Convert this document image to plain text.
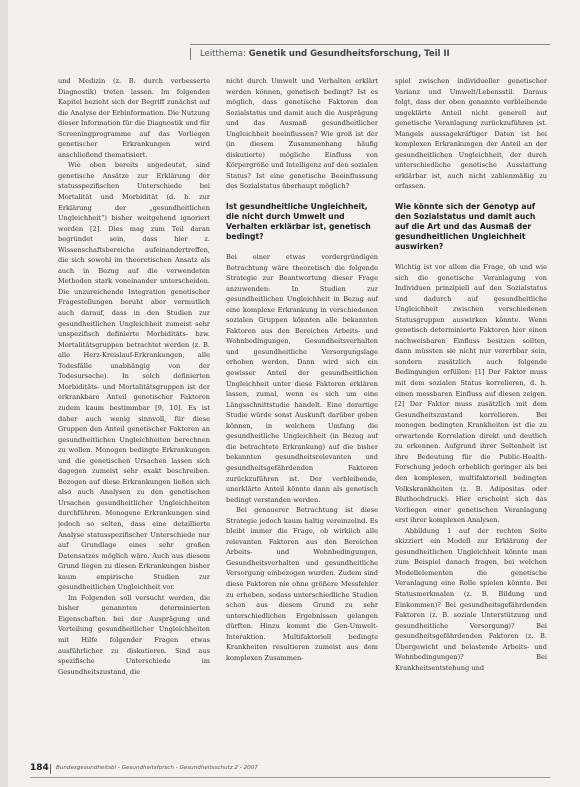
Leitthema: Genetik und Gesundheitsforschung, Teil II

und Medizin (z. B. durch verbesserte Diagnostik) treten lassen. Im folgenden Kapitel bezieht sich der Begriff zunächst auf die Analyse der Erbinformation. Die Nutzung dieser Information für die Diagnostik und für Screeningprogramme auf das Vorliegen genetischer Erkrankungen wird anschließend thematisiert.

Wie oben bereits angedeutet, sind genetische Ansätze zur Erklärung der statusspezifischen Unterschiede bei Mortalität und Morbidität (d. h. zur Erklärung der „gesundheitlichen Ungleichheit“) bisher weitgehend ignoriert worden [2]. Dies mag zum Teil daran begründet sein, dass hier z. Wissenschaftsbereiche aufeinandertreffen, die sich sowohl im theoretischen Ansatz als auch in Bezug auf die verwendeten Methoden stark voneinander unterscheiden. Die unzureichende Integration genetischer Fragestellungen beruht aber vermutlich auch darauf, dass in den Studien zur gesundheitlichen Ungleichheit zumeist sehr unspezifisch definierte Morbiditäts- bzw. Mortalitätsgruppen betrachtet werden (z. B. alle Herz-Kreislauf-Erkrankungen, alle Todesfälle unabhängig von der Todesursache). In solch definierten Morbiditäts- und Mortalitätsgruppen ist der erkrankbare Anteil genetischer Faktoren zudem kaum bestimmbar [9, 10]. Es ist daher auch wenig sinnvoll, für diese Gruppen den Anteil genetischer Faktoren an gesundheitlichen Ungleichheiten berechnen zu wollen. Monogen bedingte Erkrankungen und die genetischen Ursachen lassen sich dagegen zumeist sehr exakt beschreiben. Bezogen auf diese Erkrankungen ließen sich also auch Analysen zu den genetischen Ursachen gesundheitlicher Ungleichheiten durchführen. Monogene Erkrankungen sind jedoch so selten, dass eine detaillierte Analyse statusspezifischer Unterschiede nur auf Grundlage eines sehr großen Datensatzes möglich wäre. Auch aus diesem Grund liegen zu diesen Erkrankungen bisher kaum empirische Studien zur gesundheitlichen Ungleichheit vor.

Im Folgenden soll versucht werden, die bisher genannten determinierten Eigenschaften bei der Ausprägung und Verteilung gesundheitlicher Ungleichheiten mit Hilfe folgender Fragen etwas ausführlicher zu diskutieren. Sind aus spezifische Unterschiede im Gesundheitszustand, die

nicht durch Umwelt und Verhalten erklärt werden können, genetisch bedingt? Ist es möglich, dass genetische Faktoren den Sozialstatus und damit auch die Ausprägung und das Ausmaß gesundheitlicher Ungleichheit beeinflussen? Wie groß ist der (in diesem Zusammenhang häufig diskutierte) mögliche Einfluss von Körpergröße und Intelligenz auf den sozialen Status? Ist eine genetische Beeinflussung des Sozialstatus überhaupt möglich?

Ist gesundheitliche Ungleichheit, die nicht durch Umwelt und Verhalten erklärbar ist, genetisch bedingt?

Bei einer etwas vordergründigen Betrachtung wäre theoretisch die folgende Strategie zur Beantwortung dieser Frage anzuwenden: In Studien zur gesundheitlichen Ungleichheit in Bezug auf eine komplexe Erkrankung in verschiedenen sozialen Gruppen könnten alle bekannten Faktoren aus den Bereichen Arbeits- und Wohnbedingungen, Gesundheitsverhalten und gesundheitliche Versorgungslage erhoben werden. Dann wird sich ein gewisser Anteil der gesundheitlichen Ungleichheit unter diese Faktoren erklären lassen, zumal, wenn es sich um eine Längsschnittstudie handelt. Eine derartige Studie würde sonst Auskunft darüber geben können, in welchem Umfang die gesundheitliche Ungleichheit (in Bezug auf die betrachtete Erkrankung) auf die bisher bekannten gesundheitsrelevanten und gesundheitsgefährdenden Faktoren zurückzuführen ist. Der verbleibende, unerklärte Anteil könnte dann als genetisch bedingt verstanden werden.

Bei genauerer Betrachtung ist diese Strategie jedoch kaum haltig vereinzelnd. Es bleibt immer die Frage, ob wirklich alle relevanten Faktoren aus den Bereichen Arbeits- und Wohnbedingungen, Gesundheitsverhalten und gesundheitliche Versorgung einbezogen wurden. Zudem sind diese Faktoren nie ohne größere Messfehler zu erheben, sodass unterschiedliche Studien schon aus diesem Grund zu sehr unterschiedlichen Ergebnissen gelangen dürften. Hinzu kommt die Gen-Umwelt-Interaktion. Multifaktoriell bedingte Krankheiten resultieren zumeist aus dem komplexen Zusammen-

spiel zwischen individueller genetischer Varianz und Umwelt/Lebensstil. Daraus folgt, dass der oben genannte verbleibende ungeklärte Anteil nicht generell auf genetische Veranlagung zurückzuführen ist. Mangels aussagekräftiger Daten ist bei komplexen Erkrankungen der Anteil an der gesundheitlichen Ungleichheit, der durch unterschiedliche genetische Ausstattung erklärbar ist, auch nicht zahlenmäßig zu erfassen.

Wie könnte sich der Genotyp auf den Sozialstatus und damit auch auf die Art und das Ausmaß der gesundheitlichen Ungleichheit auswirken?

Wichtig ist vor allem die Frage, ob und wie sich die genetische Veranlagung von Individuen prinzipiell auf den Sozialstatus und dadurch auf gesundheitliche Ungleichheit zwischen verschiedenen Statusgruppen auswirken könnte. Wenn genetisch determinierte Faktoren hier einen nachweisbaren Einfluss besitzen sollten, dann müssten sie nicht nur vererbbar sein, sondern zusätzlich auch folgende Bedingungen erfüllen: [1] Der Faktor muss mit dem sozialen Status korrelieren, d. h. einen messbaren Einfluss auf diesen zeigen. [2] Der Faktor muss zusätzlich mit dem Gesundheitszustand korrelieren. Bei monogen bedingten Krankheiten ist die zu erwartende Korrelation direkt und deutlich zu erkennen. Aufgrund ihrer Seltenheit ist ihre Bedeutung für die Public-Health-Forschung jedoch erheblich geringer als bei den komplexen, multifaktoriell bedingten Volkskrankheiten (z. B. Adipositas oder Bluthochdruck). Hier erscheint sich das Vorliegen einer genetischen Veranlagung erst ihrer komplexen Analysen.

Abbildung 1 auf der rechten Seite skizziert ein Modell zur Erklärung der gesundheitlichen Ungleichheit könnte man zum Beispiel danach fragen, bei welchen Modellelementen die genetische Veranlagung eine Rolle spielen könnte. Bei Statusmerkmalen (z. B. Bildung und Einkommen)? Bei gesundheitsgefährdenden Faktoren (z. B. soziale Unterstützung und gesundheitliche Versorgung)? Bei gesundheitsgefährdenden Faktoren (z. B. Übergewicht und belastende Arbeits- und Wohnbedingungen)? Bei Krankheitsentstehung und

184 Bundesgesundheitsbl - Gesundheitsforsch - Gesundheitsschutz 2 - 2007
